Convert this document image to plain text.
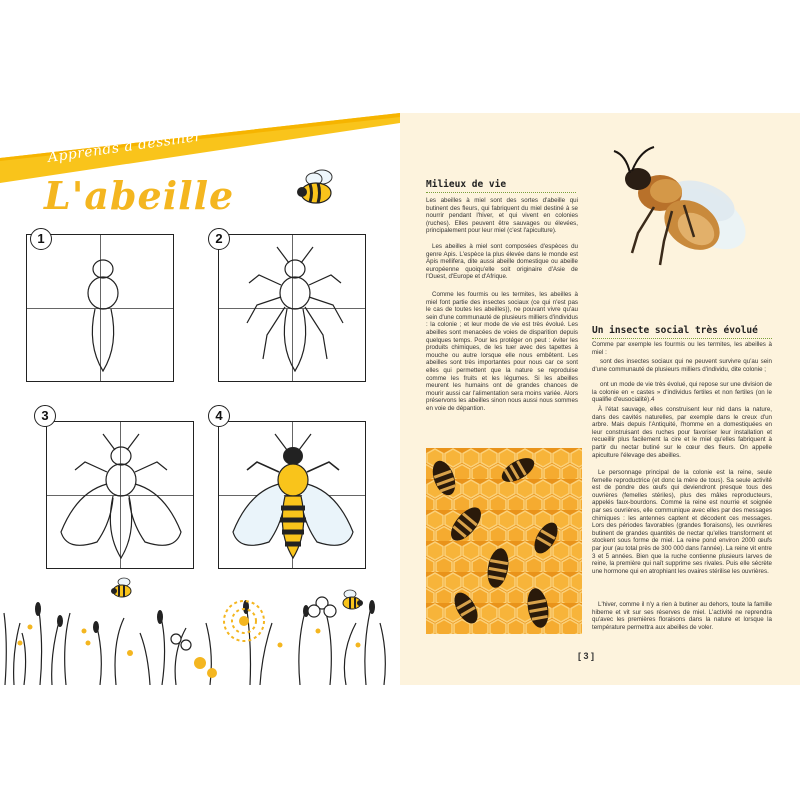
Apprends à dessiner
L'abeille
1	2
3	4
Milieux de vie

Les abeilles à miel sont des sortes d'abeille qui butinent des fleurs, qui fabriquent du miel destiné à se nourrir pendant l'hiver, et qui vivent en colonies (ruches). Elles peuvent être sauvages ou élevées, principalement pour leur miel (c'est l'apiculture).

Les abeilles à miel sont composées d'espèces du genre Apis. L'espèce la plus élevée dans le monde est Apis mellifera, dite aussi abeille domestique ou abeille européenne quoiqu'elle soit originaire d'Asie de l'Ouest, d'Europe et d'Afrique.

Comme les fourmis ou les termites, les abeilles à miel font partie des insectes sociaux (ce qui n'est pas le cas de toutes les abeilles)), ne pouvant vivre qu'au sein d'une communauté de plusieurs milliers d'individus : la colonie ; et leur mode de vie est très évolué. Les abeilles sont menacées de voies de disparition depuis quelques temps. Pour les protéger on peut : éviter les produits chimiques, de les tuer avec des tapettes à mouche ou autre lorsque elle nous embêtent. Les abeilles sont très importantes pour nous car ce sont elles qui permettent que la nature se reproduise comme les fruits et les légumes. Si les abeilles meurent les humains ont de grandes chances de mourir aussi car l'alimentation sera moins variée. Alors préservons les abeilles sinon nous aussi nous sommes en voie de dépantion.

Un insecte social très évolué

Comme par exemple les fourmis ou les termites, les abeilles à miel :

sont des insectes sociaux qui ne peuvent survivre qu'au sein d'une communauté de plusieurs milliers d'individu, dite colonie ;

ont un mode de vie très évolué, qui repose sur une division de la colonie en « castes » d'individus fertiles et non fertiles (on le qualifie d'eusocialité).4

À l'état sauvage, elles construisent leur nid dans la nature, dans des cavités naturelles, par exemple dans le creux d'un arbre. Mais depuis l'Antiquité, l'homme en a domestiquées en leur construisant des ruches pour favoriser leur installation et recueillir plus facilement la cire et le miel qu'elles fabriquent à partir du nectar butiné sur le cœur des fleurs. On appelle apiculture l'élevage des abeilles.

Le personnage principal de la colonie est la reine, seule femelle reproductrice (et donc la mère de tous). Sa seule activité est de pondre des œufs qui deviendront presque tous des ouvrières (femelles stériles), plus des mâles reproducteurs, appelés faux-bourdons. Comme la reine est nourrie et soignée par ses ouvrières, elle communique avec elles par des messages chimiques : les antennes captent et décodent ces messages. Lors des périodes favorables (grandes floraisons), les ouvrières butinent de grandes quantités de nectar qu'elles transforment et stockent sous forme de miel. La reine pond environ 2000 œufs par jour (au total près de 300 000 dans l'année). La reine vit entre 3 et 5 années. Bien que la ruche contienne plusieurs larves de reine, la première qui naît supprime ses rivales. Puis elle sécrète une hormone qui en atrophiant les ovaires stérilise les ouvrières.

L'hiver, comme il n'y a rien à butiner au dehors, toute la famille hiberne et vit sur ses réserves de miel. L'activité ne reprendra qu'avec les premières floraisons dans la nature et lorsque la température permettra aux abeilles de voler.

[ 3 ]
